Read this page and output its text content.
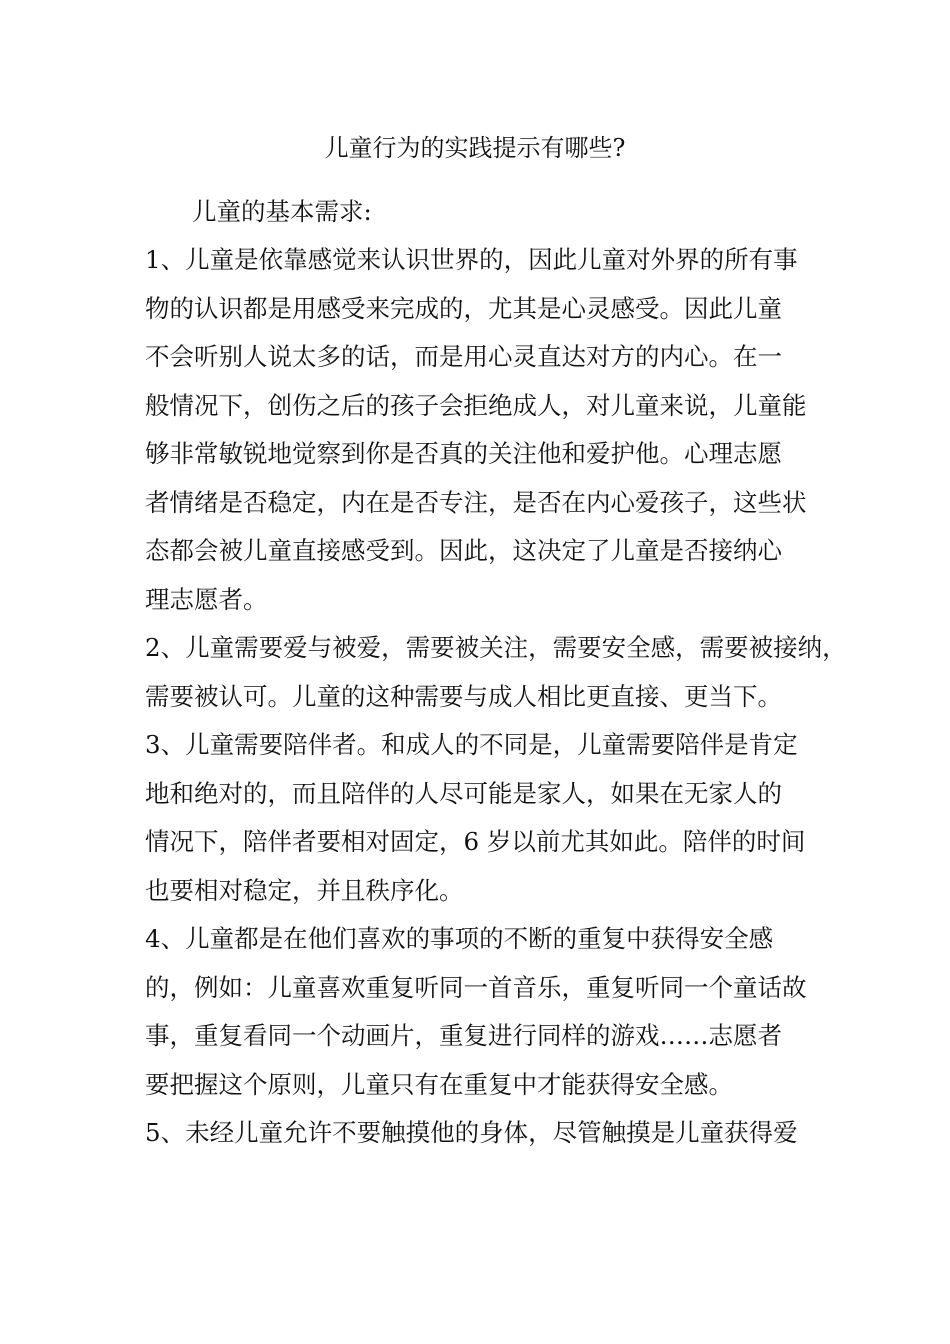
儿童行为的实践提示有哪些?
儿童的基本需求:
1、儿童是依靠感觉来认识世界的，因此儿童对外界的所有事
物的认识都是用感受来完成的，尤其是心灵感受。因此儿童
不会听别人说太多的话，而是用心灵直达对方的内心。在一
般情况下，创伤之后的孩子会拒绝成人，对儿童来说，儿童能
够非常敏锐地觉察到你是否真的关注他和爱护他。心理志愿
者情绪是否稳定，内在是否专注，是否在内心爱孩子，这些状
态都会被儿童直接感受到。因此，这决定了儿童是否接纳心
理志愿者。
2、儿童需要爱与被爱，需要被关注，需要安全感，需要被接纳，
需要被认可。儿童的这种需要与成人相比更直接、更当下。
3、儿童需要陪伴者。和成人的不同是，儿童需要陪伴是肯定
地和绝对的，而且陪伴的人尽可能是家人，如果在无家人的
情况下，陪伴者要相对固定，6 岁以前尤其如此。陪伴的时间
也要相对稳定，并且秩序化。
4、儿童都是在他们喜欢的事项的不断的重复中获得安全感
的，例如：儿童喜欢重复听同一首音乐，重复听同一个童话故
事，重复看同一个动画片，重复进行同样的游戏……志愿者
要把握这个原则，儿童只有在重复中才能获得安全感。
5、未经儿童允许不要触摸他的身体，尽管触摸是儿童获得爱
